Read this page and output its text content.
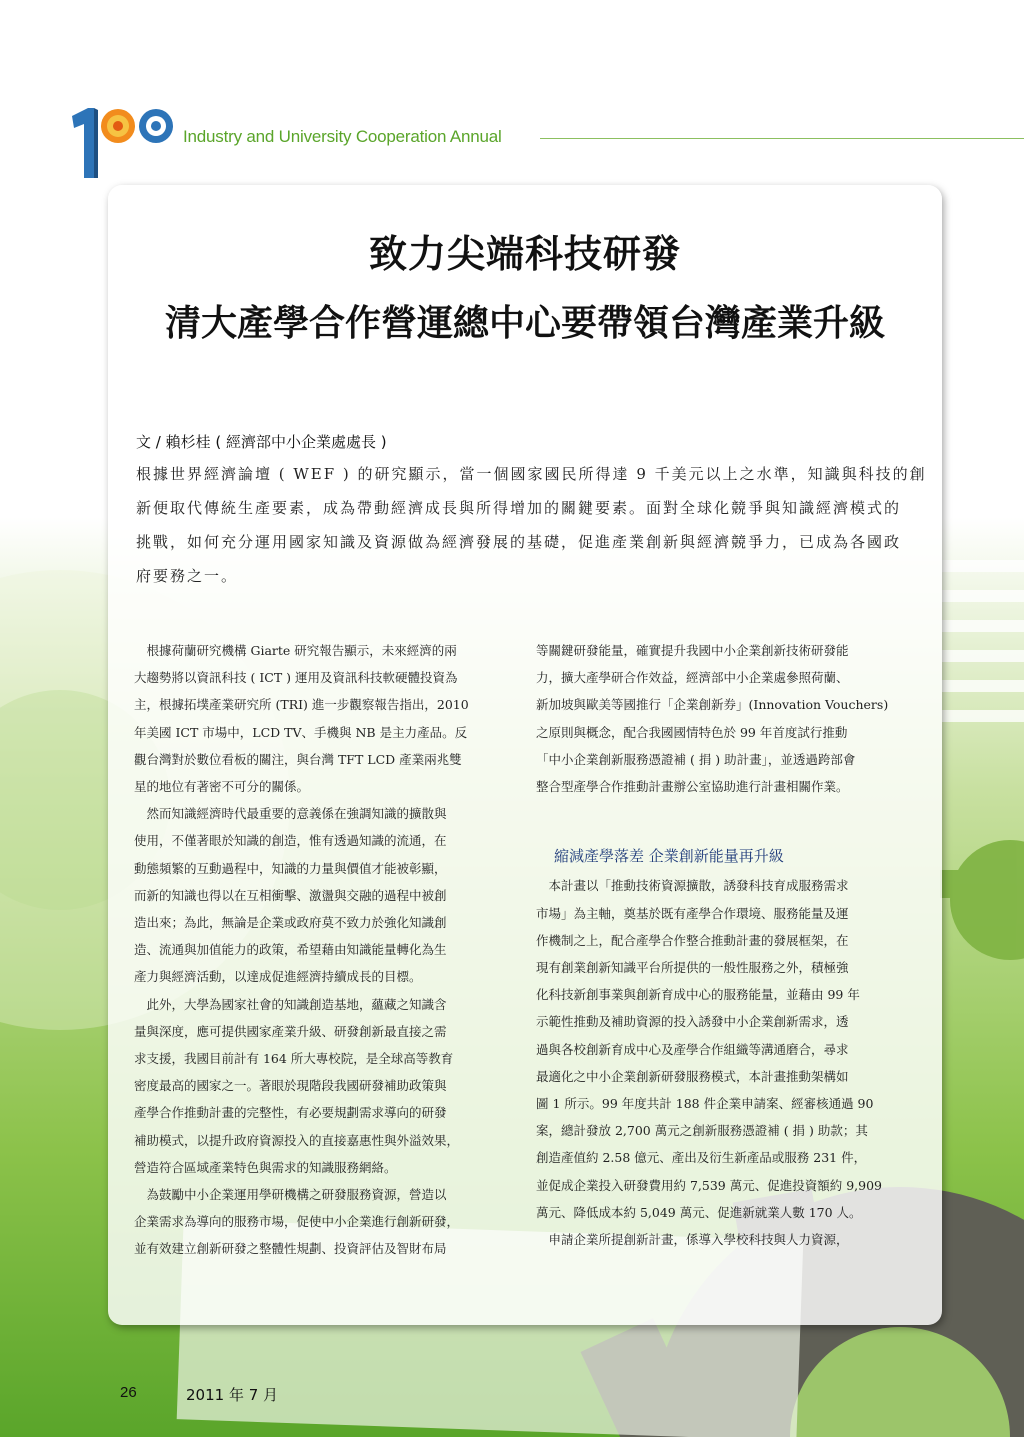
Industry and University Cooperation Annual
致力尖端科技研發
清大產學合作營運總中心要帶領台灣產業升級
文 / 賴杉桂 ( 經濟部中小企業處處長 )

根據世界經濟論壇 ( WEF ) 的研究顯示，當一個國家國民所得達 9 千美元以上之水準，知識與科技的創

新便取代傳統生產要素，成為帶動經濟成長與所得增加的關鍵要素。面對全球化競爭與知識經濟模式的

挑戰，如何充分運用國家知識及資源做為經濟發展的基礎，促進產業創新與經濟競爭力，已成為各國政

府要務之一。

　根據荷蘭研究機構 Giarte 研究報告顯示，未來經濟的兩
大趨勢將以資訊科技 ( ICT ) 運用及資訊科技軟硬體投資為
主，根據拓墣產業研究所 (TRI) 進一步觀察報告指出，2010
年美國 ICT 市場中，LCD TV、手機與 NB 是主力產品。反
觀台灣對於數位看板的關注，與台灣 TFT LCD 產業兩兆雙
星的地位有著密不可分的關係。
　然而知識經濟時代最重要的意義係在強調知識的擴散與
使用，不僅著眼於知識的創造，惟有透過知識的流通，在
動態頻繁的互動過程中，知識的力量與價值才能被彰顯，
而新的知識也得以在互相衝擊、激盪與交融的過程中被創
造出來；為此，無論是企業或政府莫不致力於強化知識創
造、流通與加值能力的政策，希望藉由知識能量轉化為生
產力與經濟活動，以達成促進經濟持續成長的目標。
　此外，大學為國家社會的知識創造基地，蘊藏之知識含
量與深度，應可提供國家產業升級、研發創新最直接之需
求支援，我國目前計有 164 所大專校院，是全球高等教育
密度最高的國家之一。著眼於現階段我國研發補助政策與
產學合作推動計畫的完整性，有必要規劃需求導向的研發
補助模式，以提升政府資源投入的直接嘉惠性與外溢效果，
營造符合區域產業特色與需求的知識服務網絡。
　為鼓勵中小企業運用學研機構之研發服務資源，營造以
企業需求為導向的服務市場，促使中小企業進行創新研發，
並有效建立創新研發之整體性規劃、投資評估及智財布局
等關鍵研發能量，確實提升我國中小企業創新技術研發能
力，擴大產學研合作效益，經濟部中小企業處參照荷蘭、
新加坡與歐美等國推行「企業創新券」(Innovation Vouchers)
之原則與概念，配合我國國情特色於 99 年首度試行推動
「中小企業創新服務憑證補 ( 捐 ) 助計畫」，並透過跨部會
整合型產學合作推動計畫辦公室協助進行計畫相關作業。
縮減產學落差 企業創新能量再升級
　本計畫以「推動技術資源擴散，誘發科技育成服務需求
市場」為主軸，奠基於既有產學合作環境、服務能量及運
作機制之上，配合產學合作整合推動計畫的發展框架，在
現有創業創新知識平台所提供的一般性服務之外，積極強
化科技新創事業與創新育成中心的服務能量，並藉由 99 年
示範性推動及補助資源的投入誘發中小企業創新需求，透
過與各校創新育成中心及產學合作組織等溝通磨合，尋求
最適化之中小企業創新研發服務模式，本計畫推動架構如
圖 1 所示。99 年度共計 188 件企業申請案、經審核通過 90
案，總計發放 2,700 萬元之創新服務憑證補 ( 捐 ) 助款；其
創造產值約 2.58 億元、產出及衍生新產品或服務 231 件，
並促成企業投入研發費用約 7,539 萬元、促進投資額約 9,909
萬元、降低成本約 5,049 萬元、促進新就業人數 170 人。
　申請企業所提創新計畫，係導入學校科技與人力資源，
26	2011 年 7 月
